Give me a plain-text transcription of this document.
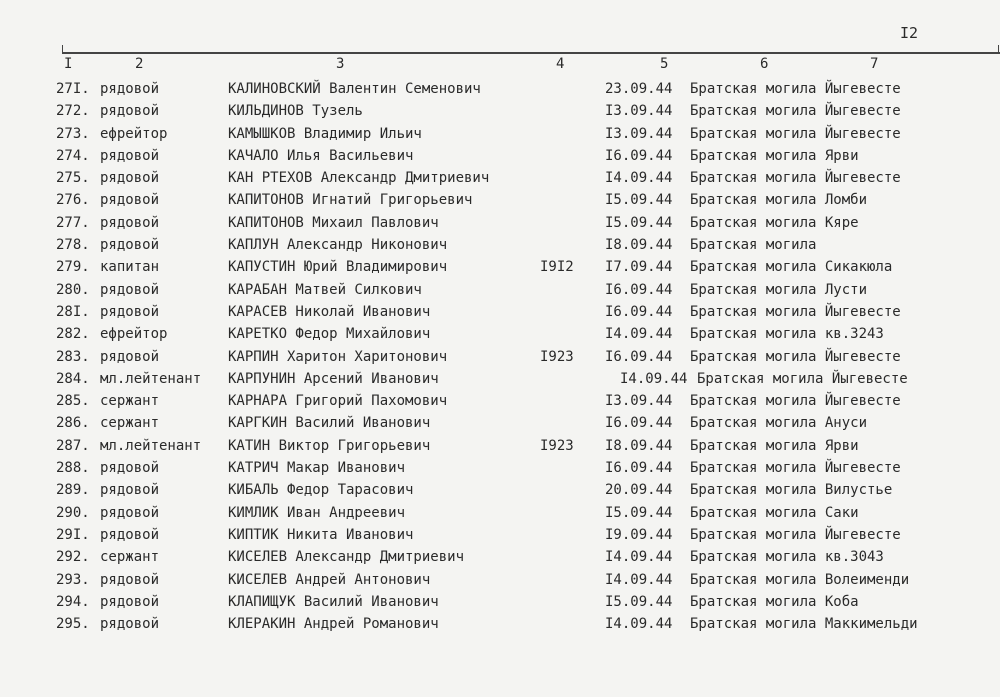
I2
I	2	3	4	5	6	7
27I. рядовой	КАЛИНОВСКИЙ Валентин Семенович	23.09.44 Братская могила Йыгевесте
272. рядовой	КИЛЬДИНОВ Тузель	I3.09.44 Братская могила Йыгевесте
273. ефрейтор	КАМЫШКОВ Владимир Ильич	I3.09.44 Братская могила Йыгевесте
274. рядовой	КАЧАЛО Илья Васильевич	I6.09.44 Братская могила Ярви
275. рядовой	КАН РТЕХОВ Александр Дмитриевич	I4.09.44 Братская могила Йыгевесте
276. рядовой	КАПИТОНОВ Игнатий Григорьевич	I5.09.44 Братская могила Ломби
277. рядовой	КАПИТОНОВ Михаил Павлович	I5.09.44 Братская могила Кяре
278. рядовой	КАПЛУН Александр Никонович	I8.09.44 Братская могила
279. капитан	КАПУСТИН Юрий Владимирович	I9I2 I7.09.44 Братская могила Сикакюла
280. рядовой	КАРАБАН Матвей Силкович	I6.09.44 Братская могила Лусти
28I. рядовой	КАРАСЕВ Николай Иванович	I6.09.44 Братская могила Йыгевесте
282. ефрейтор	КАРЕТКО Федор Михайлович	I4.09.44 Братская могила кв.3243
283. рядовой	КАРПИН Харитон Харитонович	I923 I6.09.44 Братская могила Йыгевесте
284. мл.лейтенант КАРПУНИН Арсений Иванович	I4.09.44 Братская могила Йыгевесте
285. сержант	КАРНАРА Григорий Пахомович	I3.09.44 Братская могила Йыгевесте
286. сержант	КАРГКИН Василий Иванович	I6.09.44 Братская могила Ануси
287. мл.лейтенант КАТИН Виктор Григорьевич	I923 I8.09.44 Братская могила Ярви
288. рядовой	КАТРИЧ Макар Иванович	I6.09.44 Братская могила Йыгевесте
289. рядовой	КИБАЛЬ Федор Тарасович	20.09.44 Братская могила Вилустье
290. рядовой	КИМЛИК Иван Андреевич	I5.09.44 Братская могила Саки
29I. рядовой	КИПТИК Никита Иванович	I9.09.44 Братская могила Йыгевесте
292. сержант	КИСЕЛЕВ Александр Дмитриевич	I4.09.44 Братская могила кв.3043
293. рядовой	КИСЕЛЕВ Андрей Антонович	I4.09.44 Братская могила Волеименди
294. рядовой	КЛАПИЩУК Василий Иванович	I5.09.44 Братская могила Коба
295. рядовой	КЛЕРАКИН Андрей Романович	I4.09.44 Братская могила Маккимельди
